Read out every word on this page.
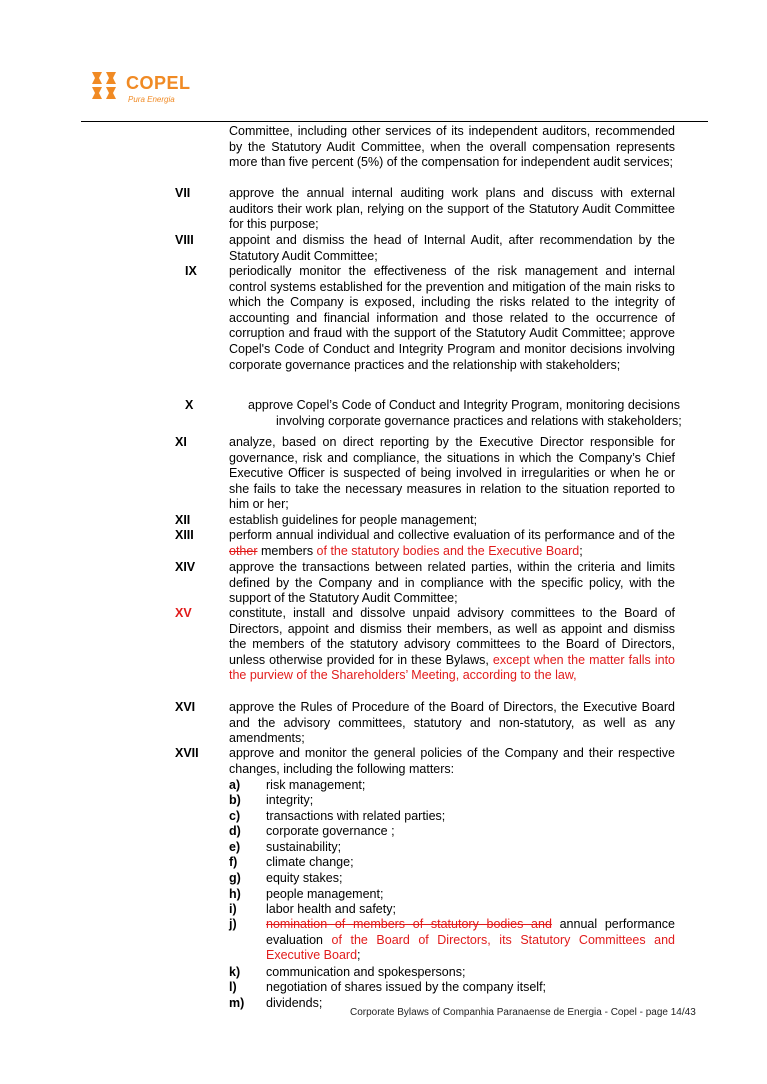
COPEL
Pura Energia
Committee, including other services of its independent auditors, recommended by the Statutory Audit Committee, when the overall compensation represents more than five percent (5%) of the compensation for independent audit services;
VII	approve the annual internal auditing work plans and discuss with external auditors their work plan, relying on the support of the Statutory Audit Committee for this purpose;
VIII	appoint and dismiss the head of Internal Audit, after recommendation by the Statutory Audit Committee;
IX	periodically monitor the effectiveness of the risk management and internal control systems established for the prevention and mitigation of the main risks to which the Company is exposed, including the risks related to the integrity of accounting and financial information and those related to the occurrence of corruption and fraud with the support of the Statutory Audit Committee; approve Copel's Code of Conduct and Integrity Program and monitor decisions involving corporate governance practices and the relationship with stakeholders;
X	approve Copel’s Code of Conduct and Integrity Program, monitoring decisions involving corporate governance practices and relations with stakeholders;
XI	analyze, based on direct reporting by the Executive Director responsible for governance, risk and compliance, the situations in which the Company’s Chief Executive Officer is suspected of being involved in irregularities or when he or she fails to take the necessary measures in relation to the situation reported to him or her;
XII	establish guidelines for people management;
XIII	perform annual individual and collective evaluation of its performance and of the other members of the statutory bodies and the Executive Board;
XIV	approve the transactions between related parties, within the criteria and limits defined by the Company and in compliance with the specific policy, with the support of the Statutory Audit Committee;
XV	constitute, install and dissolve unpaid advisory committees to the Board of Directors, appoint and dismiss their members, as well as appoint and dismiss the members of the statutory advisory committees to the Board of Directors, unless otherwise provided for in these Bylaws, except when the matter falls into the purview of the Shareholders’ Meeting, according to the law,
XVI	approve the Rules of Procedure of the Board of Directors, the Executive Board and the advisory committees, statutory and non-statutory, as well as any amendments;
XVII approve and monitor the general policies of the Company and their respective changes, including the following matters:
a) risk management;
b) integrity;
c) transactions with related parties;
d) corporate governance ;
e) sustainability;
f) climate change;
g) equity stakes;
h) people management;
i) labor health and safety;
j) nomination of members of statutory bodies and annual performance evaluation of the Board of Directors, its Statutory Committees and Executive Board;
k) communication and spokespersons;
l) negotiation of shares issued by the company itself;
m) dividends;
Corporate Bylaws of Companhia Paranaense de Energia - Copel - page 14/43
